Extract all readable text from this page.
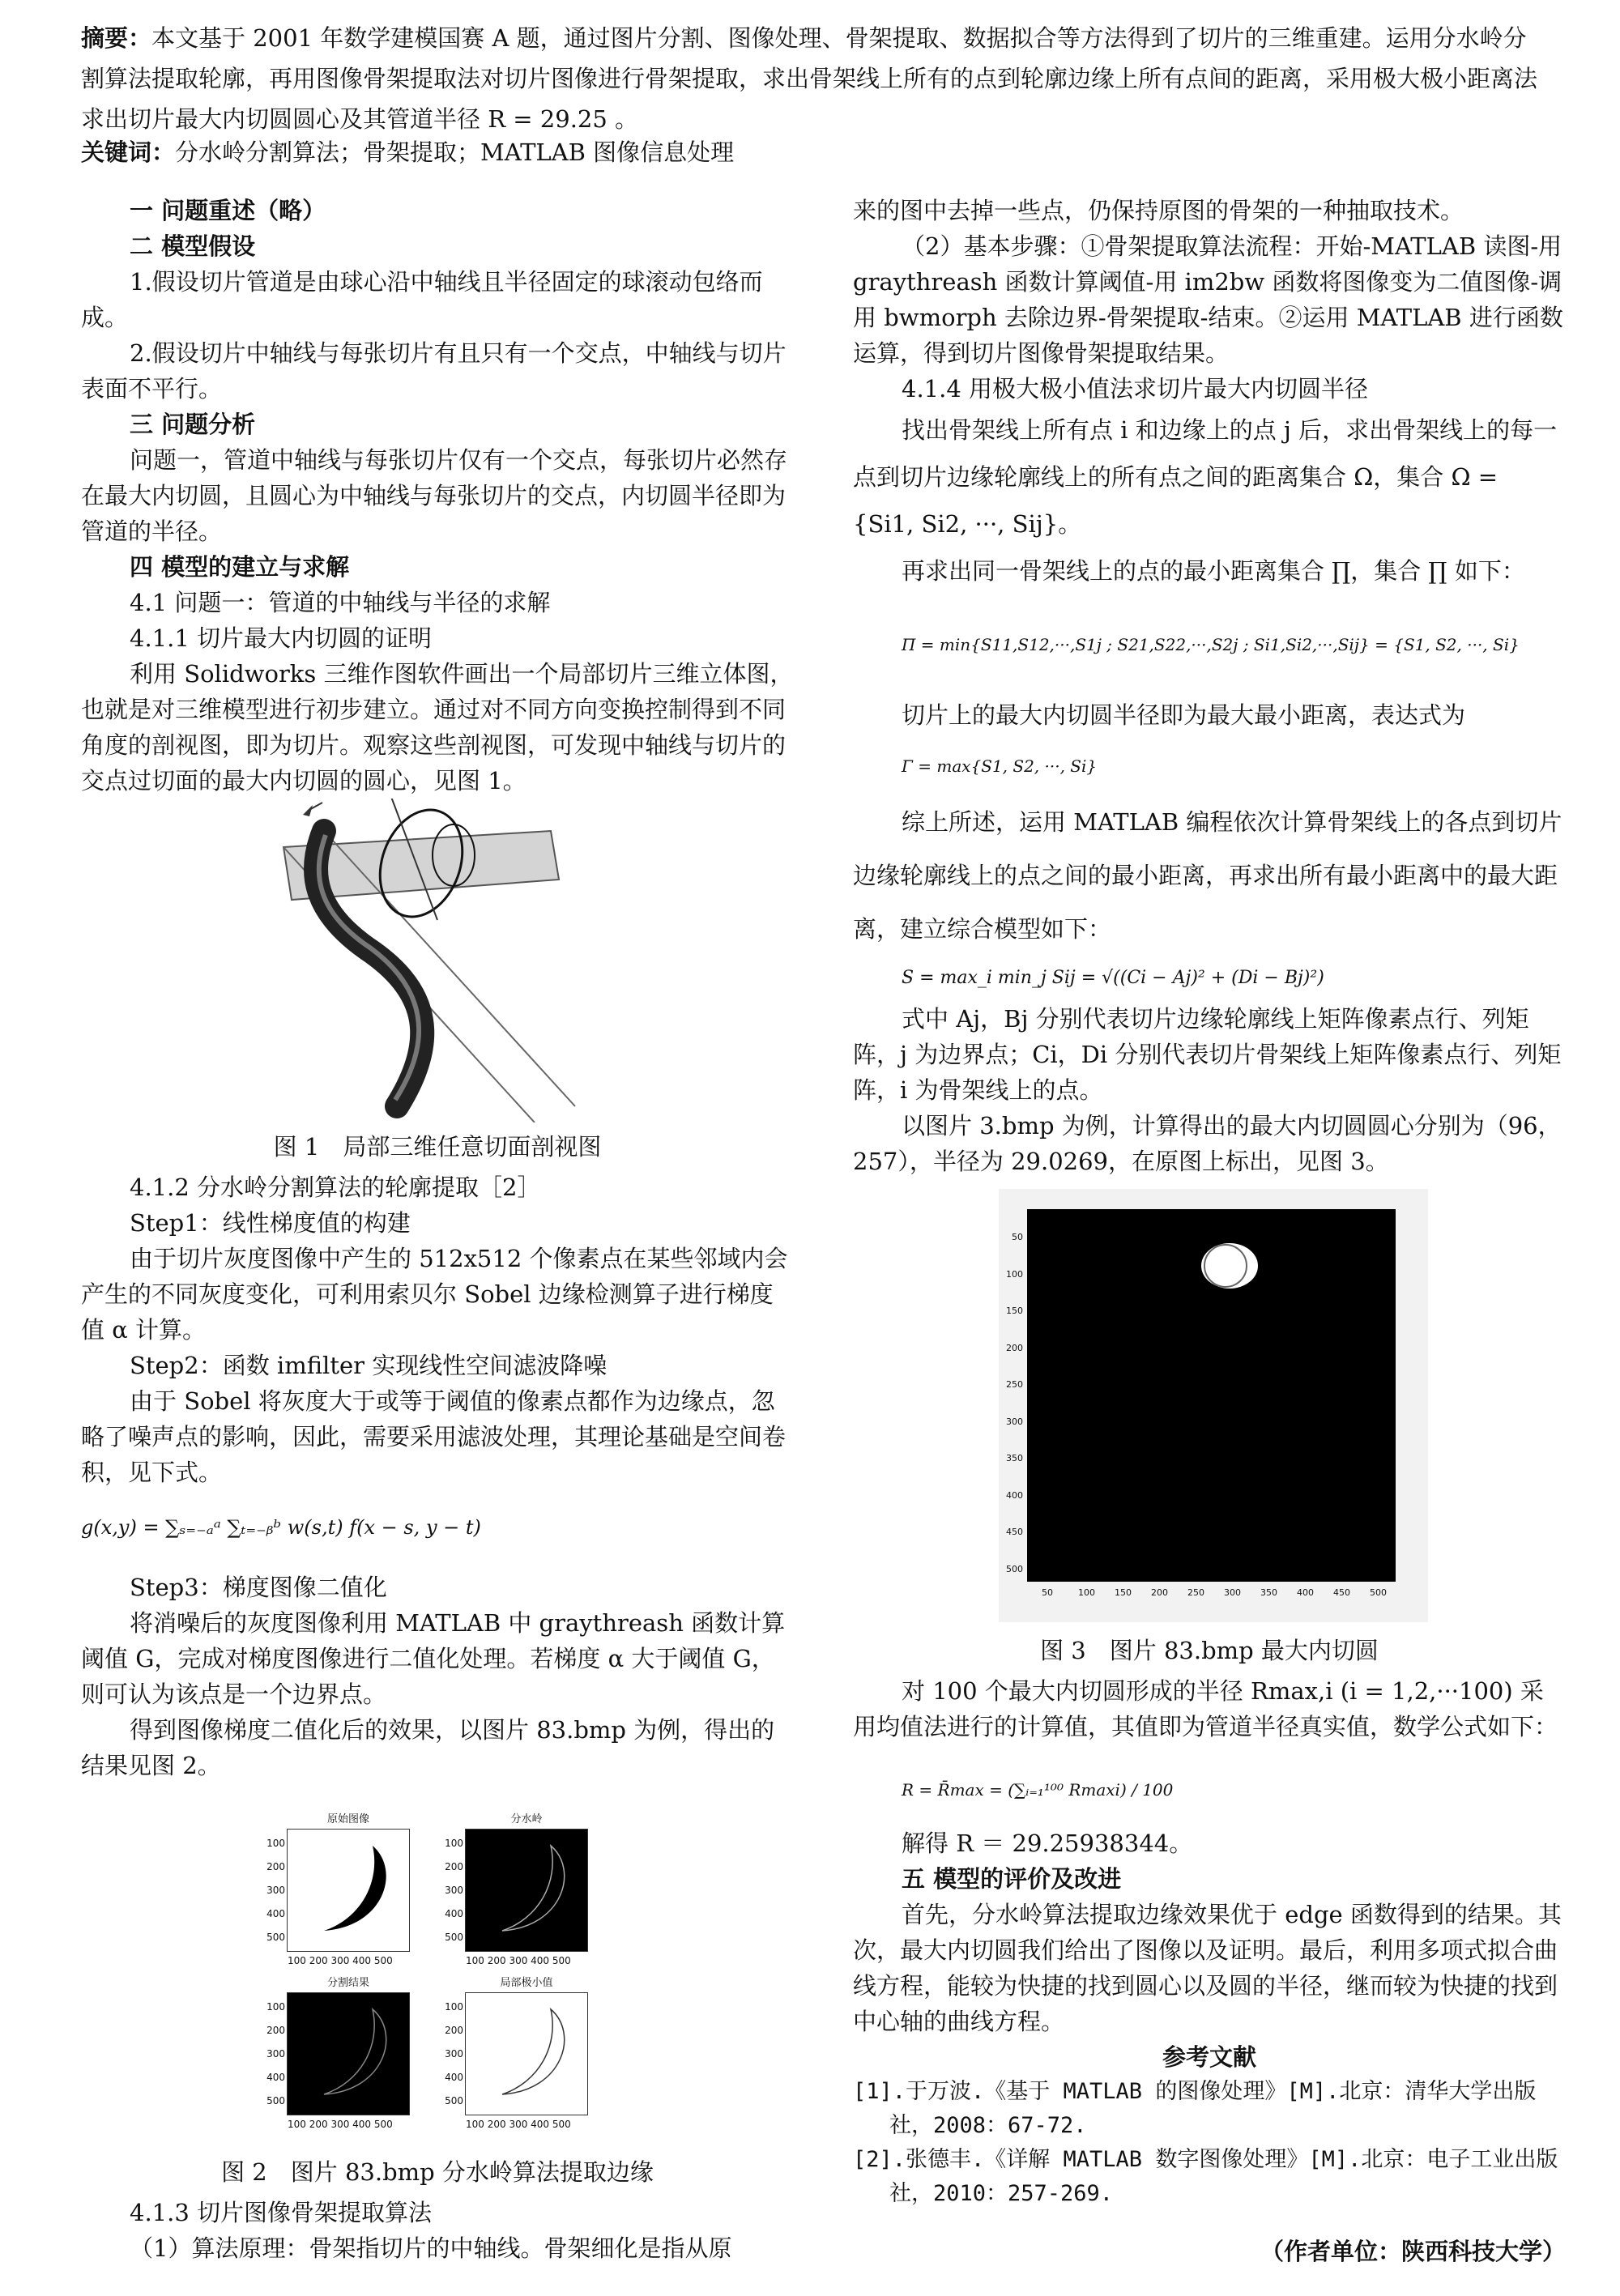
摘要：本文基于 2001 年数学建模国赛 A 题，通过图片分割、图像处理、骨架提取、数据拟合等方法得到了切片的三维重建。运用分水岭分割算法提取轮廓，再用图像骨架提取法对切片图像进行骨架提取，求出骨架线上所有的点到轮廓边缘上所有点间的距离，采用极大极小距离法求出切片最大内切圆圆心及其管道半径 R = 29.25 。
关键词：分水岭分割算法；骨架提取；MATLAB 图像信息处理

一 问题重述（略）

二 模型假设

1.假设切片管道是由球心沿中轴线且半径固定的球滚动包络而成。

2.假设切片中轴线与每张切片有且只有一个交点，中轴线与切片表面不平行。

三 问题分析

问题一，管道中轴线与每张切片仅有一个交点，每张切片必然存在最大内切圆，且圆心为中轴线与每张切片的交点，内切圆半径即为管道的半径。

四 模型的建立与求解

4.1 问题一：管道的中轴线与半径的求解

4.1.1 切片最大内切圆的证明

利用 Solidworks 三维作图软件画出一个局部切片三维立体图，也就是对三维模型进行初步建立。通过对不同方向变换控制得到不同角度的剖视图，即为切片。观察这些剖视图，可发现中轴线与切片的交点过切面的最大内切圆的圆心，见图 1。

图 1　局部三维任意切面剖视图

4.1.2 分水岭分割算法的轮廓提取［2］

Step1：线性梯度值的构建

由于切片灰度图像中产生的 512x512 个像素点在某些邻域内会产生的不同灰度变化，可利用索贝尔 Sobel 边缘检测算子进行梯度值 α 计算。

Step2：函数 imfilter 实现线性空间滤波降噪

由于 Sobel 将灰度大于或等于阈值的像素点都作为边缘点，忽略了噪声点的影响，因此，需要采用滤波处理，其理论基础是空间卷积，见下式。

g(x,y) = ∑ₛ₌₋ₐᵃ ∑ₜ₌₋ᵦᵇ w(s,t) f(x − s, y − t)

Step3：梯度图像二值化

将消噪后的灰度图像利用 MATLAB 中 graythreash 函数计算阈值 G，完成对梯度图像进行二值化处理。若梯度 α 大于阈值 G，则可认为该点是一个边界点。

得到图像梯度二值化后的效果，以图片 83.bmp 为例，得出的结果见图 2。

原始图像	分水岭
分割结果	局部极小值
100
200
300
400
500
100
200
300
400
500
100
200
300
400
500
100
200
300
400
500
100 200 300 400 500	100 200 300 400 500
100 200 300 400 500	100 200 300 400 500

图 2　图片 83.bmp 分水岭算法提取边缘

4.1.3 切片图像骨架提取算法

（1）算法原理：骨架指切片的中轴线。骨架细化是指从原

来的图中去掉一些点，仍保持原图的骨架的一种抽取技术。

（2）基本步骤：①骨架提取算法流程：开始-MATLAB 读图-用 graythreash 函数计算阈值-用 im2bw 函数将图像变为二值图像-调用 bwmorph 去除边界-骨架提取-结束。②运用 MATLAB 进行函数运算，得到切片图像骨架提取结果。

4.1.4 用极大极小值法求切片最大内切圆半径

找出骨架线上所有点 i 和边缘上的点 j 后，求出骨架线上的每一点到切片边缘轮廓线上的所有点之间的距离集合 Ω，集合 Ω = {Si1, Si2, ···, Sij}。

再求出同一骨架线上的点的最小距离集合 ∏，集合 ∏ 如下：

Π = min{S11,S12,···,S1j ; S21,S22,···,S2j ; Si1,Si2,···,Sij} = {S1, S2, ···, Si}

切片上的最大内切圆半径即为最大最小距离，表达式为

Γ = max{S1, S2, ···, Si}

综上所述，运用 MATLAB 编程依次计算骨架线上的各点到切片边缘轮廓线上的点之间的最小距离，再求出所有最小距离中的最大距离，建立综合模型如下：

S = max_i min_j Sij = √((Ci − Aj)² + (Di − Bj)²)

式中 Aj，Bj 分别代表切片边缘轮廓线上矩阵像素点行、列矩阵，j 为边界点；Ci，Di 分别代表切片骨架线上矩阵像素点行、列矩阵，i 为骨架线上的点。

以图片 3.bmp 为例，计算得出的最大内切圆圆心分别为（96，257），半径为 29.0269，在原图上标出，见图 3。

50
100
150
200
250
300
350
400
450
500
50	100	150	200	250	300	350	400	450	500

图 3　图片 83.bmp 最大内切圆

对 100 个最大内切圆形成的半径 Rmax,i (i = 1,2,···100) 采用均值法进行的计算值，其值即为管道半径真实值，数学公式如下：

R = R̄max = (∑ᵢ₌₁¹⁰⁰ Rmaxi) / 100

解得 R ＝ 29.25938344。

五 模型的评价及改进

首先，分水岭算法提取边缘效果优于 edge 函数得到的结果。其次，最大内切圆我们给出了图像以及证明。最后，利用多项式拟合曲线方程，能较为快捷的找到圆心以及圆的半径，继而较为快捷的找到中心轴的曲线方程。

参考文献

[1].于万波.《基于 MATLAB 的图像处理》[M].北京：清华大学出版社，2008：67-72.

[2].张德丰.《详解 MATLAB 数字图像处理》[M].北京：电子工业出版社，2010：257-269.

（作者单位：陕西科技大学）
